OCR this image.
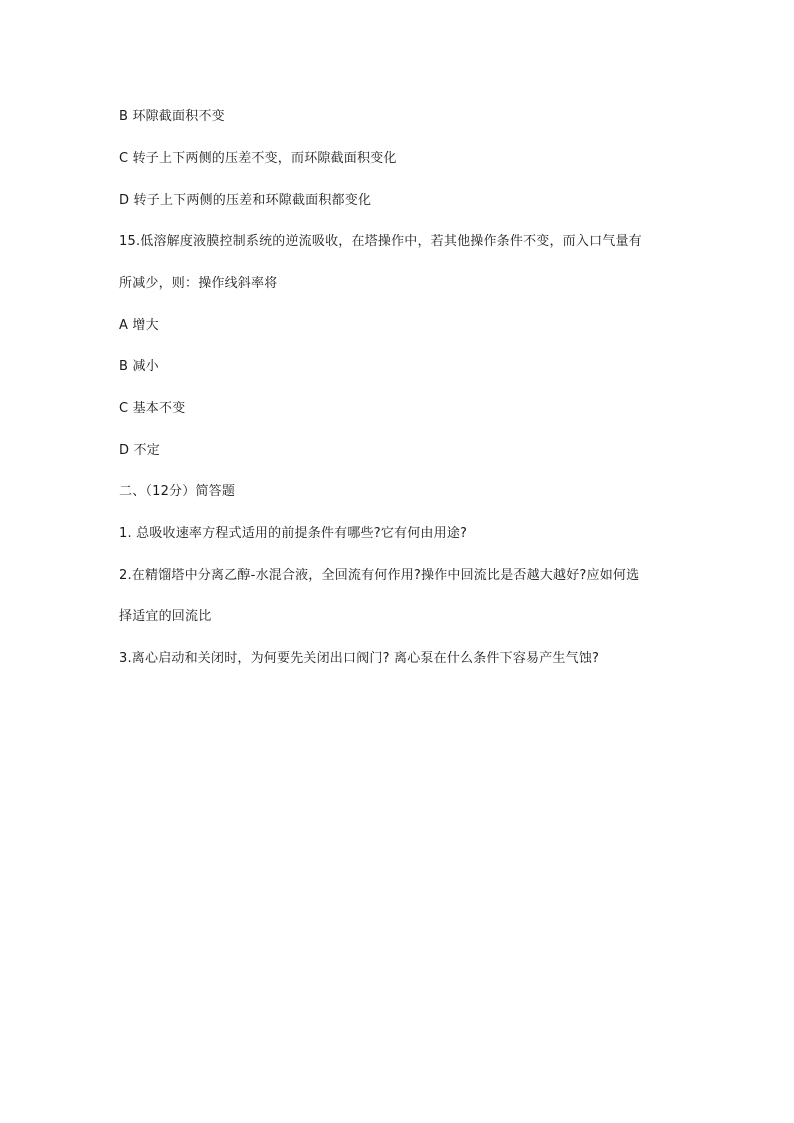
B 环隙截面积不变
C 转子上下两侧的压差不变，而环隙截面积变化
D 转子上下两侧的压差和环隙截面积都变化
15.低溶解度液膜控制系统的逆流吸收，在塔操作中，若其他操作条件不变，而入口气量有
所减少，则：操作线斜率将
A 增大
B 减小
C 基本不变
D 不定
二、（12分）简答题
1. 总吸收速率方程式适用的前提条件有哪些?它有何由用途?
2.在精馏塔中分离乙醇-水混合液，全回流有何作用?操作中回流比是否越大越好?应如何选
择适宜的回流比
3.离心启动和关闭时，为何要先关闭出口阀门? 离心泵在什么条件下容易产生气蚀?
